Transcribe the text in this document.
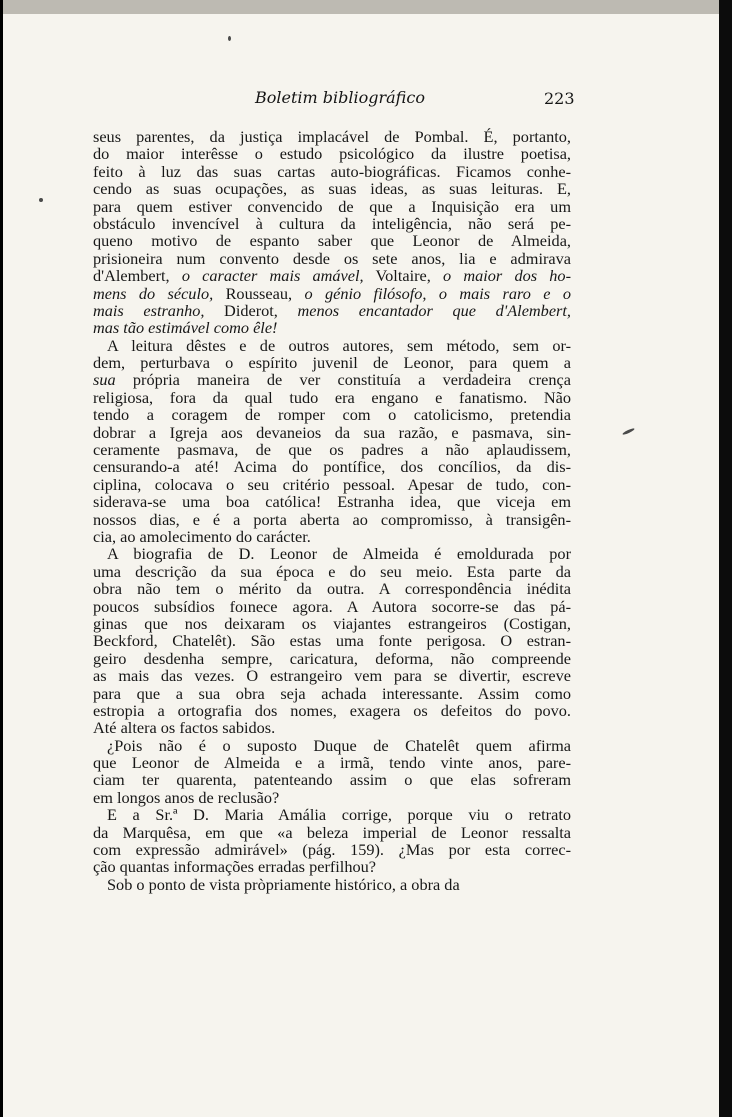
Boletim bibliográfico	223
seus parentes, da justiça implacável de Pombal. É, portanto,
do maior interêsse o estudo psicológico da ilustre poetisa,
feito à luz das suas cartas auto-biográficas. Ficamos conhe-
cendo as suas ocupações, as suas ideas, as suas leituras. E,
para quem estiver convencido de que a Inquisição era um
obstáculo invencível à cultura da inteligência, não será pe-
queno motivo de espanto saber que Leonor de Almeida,
prisioneira num convento desde os sete anos, lia e admirava
d'Alembert, o caracter mais amável, Voltaire, o maior dos ho-
mens do século, Rousseau, o génio filósofo, o mais raro e o
mais estranho, Diderot, menos encantador que d'Alembert,
mas tão estimável como êle!
A leitura dêstes e de outros autores, sem método, sem or-
dem, perturbava o espírito juvenil de Leonor, para quem a
sua própria maneira de ver constituía a verdadeira crença
religiosa, fora da qual tudo era engano e fanatismo. Não
tendo a coragem de romper com o catolicismo, pretendia
dobrar a Igreja aos devaneios da sua razão, e pasmava, sin-
ceramente pasmava, de que os padres a não aplaudissem,
censurando-a até! Acima do pontífice, dos concílios, da dis-
ciplina, colocava o seu critério pessoal. Apesar de tudo, con-
siderava-se uma boa católica! Estranha idea, que viceja em
nossos dias, e é a porta aberta ao compromisso, à transigên-
cia, ao amolecimento do carácter.
A biografia de D. Leonor de Almeida é emoldurada por
uma descrição da sua época e do seu meio. Esta parte da
obra não tem o mérito da outra. A correspondência inédita
poucos subsídios foınece agora. A Autora socorre-se das pá-
ginas que nos deixaram os viajantes estrangeiros (Costigan,
Beckford, Chatelêt). São estas uma fonte perigosa. O estran-
geiro desdenha sempre, caricatura, deforma, não compreende
as mais das vezes. O estrangeiro vem para se divertir, escreve
para que a sua obra seja achada interessante. Assim como
estropia a ortografia dos nomes, exagera os defeitos do povo.
Até altera os factos sabidos.
¿Pois não é o suposto Duque de Chatelêt quem afirma
que Leonor de Almeida e a irmã, tendo vinte anos, pare-
ciam ter quarenta, patenteando assim o que elas sofreram
em longos anos de reclusão?
E a Sr.ª D. Maria Amália corrige, porque viu o retrato
da Marquêsa, em que «a beleza imperial de Leonor ressalta
com expressão admirável» (pág. 159). ¿Mas por esta correc-
ção quantas informações erradas perfilhou?
Sob o ponto de vista pròpriamente histórico, a obra da
